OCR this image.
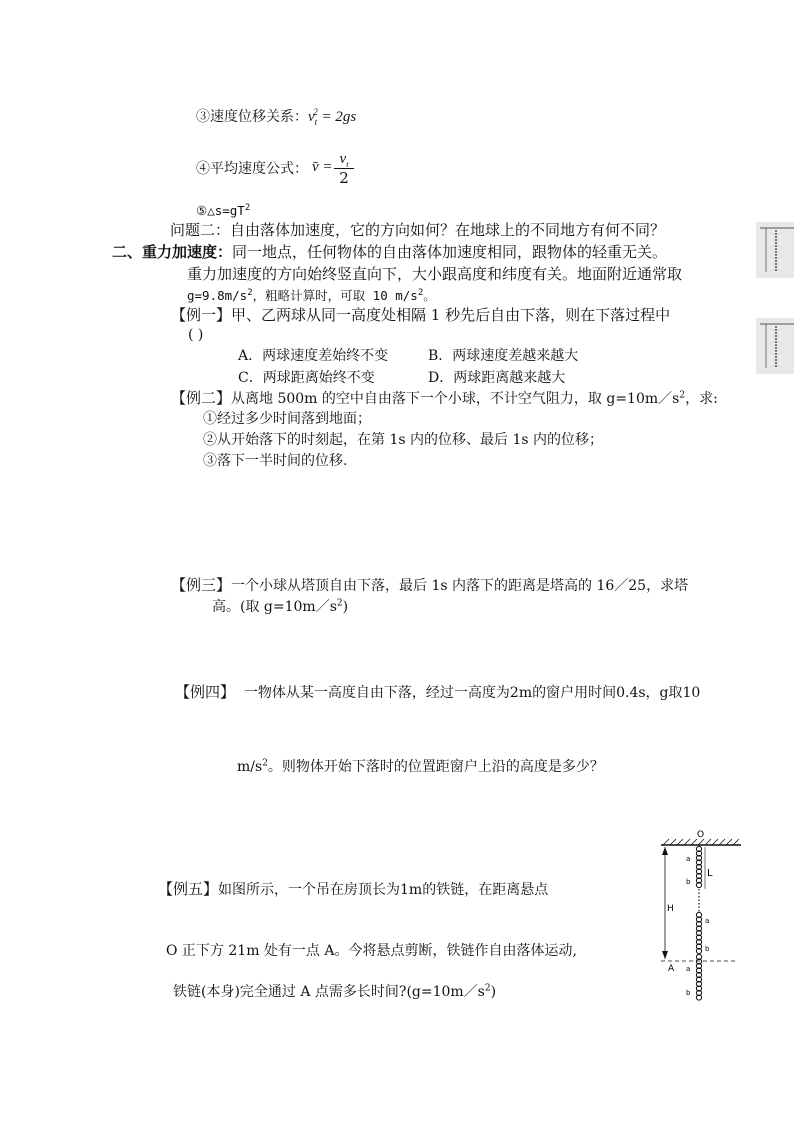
③速度位移关系：$v_t^2 = 2gs$
④平均速度公式： v̄ = $v_t$
2
$⑤\triangle s=gT^2$
问题二：自由落体加速度，它的方向如何？在地球上的不同地方有何不同？
二、重力加速度：同一地点，任何物体的自由落体加速度相同，跟物体的轻重无关。
重力加速度的方向始终竖直向下，大小跟高度和纬度有关。地面附近通常取
$g=9.8m/s^2$，粗略计算时，可取 10 $m/s^2$。
【例一】甲、乙两球从同一高度处相隔 1 秒先后自由下落，则在下落过程中
( )
A．两球速度差始终不变	B．两球速度差越来越大
C．两球距离始终不变	D．两球距离越来越大
【例二】从离地 500m 的空中自由落下一个小球，不计空气阻力，取 $g=10m/s^2$，求:
①经过多少时间落到地面；
②从开始落下的时刻起，在第 1s 内的位移、最后 1s 内的位移；
③落下一半时间的位移.
【例三】一个小球从塔顶自由下落，最后 1s 内落下的距离是塔高的 16／25，求塔
高。(取 $g=10m/s^2$)
【例四】 一物体从某一高度自由下落，经过一高度为2m的窗户用时间0.4s，g取10
$m/s^2$。则物体开始下落时的位置距窗户上沿的高度是多少？
【例五】如图所示，一个吊在房顶长为1m的铁链，在距离悬点
O 正下方 21m 处有一点 A。今将悬点剪断，铁链作自由落体运动,
铁链(本身)完全通过 A 点需多长时间$?(g=10m/s^2)$
O
L
H
A
a
b
a
b
a
b
